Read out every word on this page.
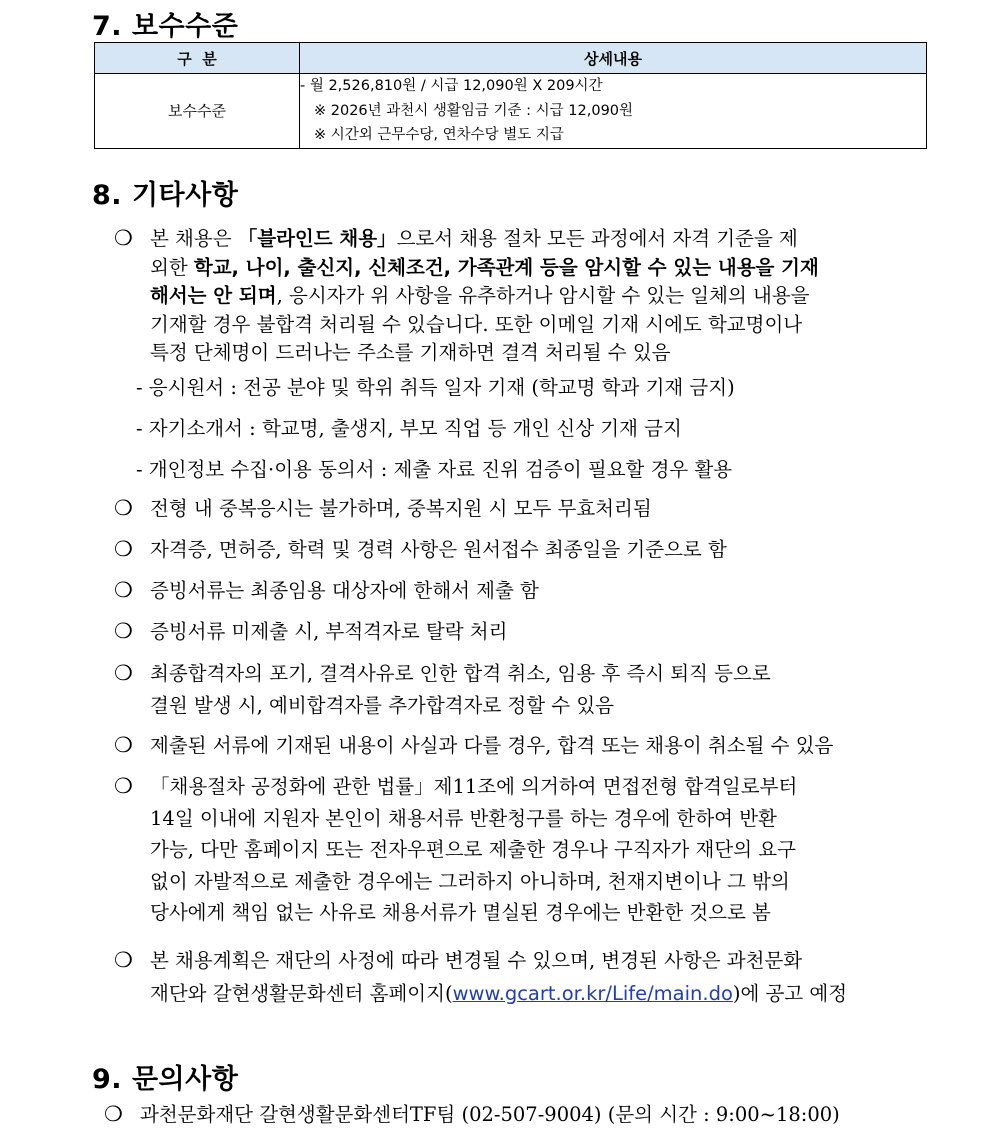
7. 보수수준
구  분	상세내용
보수수준	- 월 2,526,810원 / 시급 12,090원 X 209시간
※ 2026년 과천시 생활임금 기준 : 시급 12,090원
※ 시간외 근무수당, 연차수당 별도 지급
8. 기타사항
❍ 본 채용은 「블라인드 채용」으로서 채용 절차 모든 과정에서 자격 기준을 제
외한 학교, 나이, 출신지, 신체조건, 가족관계 등을 암시할 수 있는 내용을 기재
해서는 안 되며, 응시자가 위 사항을 유추하거나 암시할 수 있는 일체의 내용을
기재할 경우 불합격 처리될 수 있습니다. 또한 이메일 기재 시에도 학교명이나
특정 단체명이 드러나는 주소를 기재하면 결격 처리될 수 있음
- 응시원서 : 전공 분야 및 학위 취득 일자 기재 (학교명 학과 기재 금지)
- 자기소개서 : 학교명, 출생지, 부모 직업 등 개인 신상 기재 금지
- 개인정보 수집·이용 동의서 : 제출 자료 진위 검증이 필요할 경우 활용
❍ 전형 내 중복응시는 불가하며, 중복지원 시 모두 무효처리됨
❍ 자격증, 면허증, 학력 및 경력 사항은 원서접수 최종일을 기준으로 함
❍ 증빙서류는 최종임용 대상자에 한해서 제출 함
❍ 증빙서류 미제출 시, 부적격자로 탈락 처리
❍ 최종합격자의 포기, 결격사유로 인한 합격 취소, 임용 후 즉시 퇴직 등으로
결원 발생 시, 예비합격자를 추가합격자로 정할 수 있음
❍ 제출된 서류에 기재된 내용이 사실과 다를 경우, 합격 또는 채용이 취소될 수 있음
❍ 「채용절차 공정화에 관한 법률」제11조에 의거하여 면접전형 합격일로부터
14일 이내에 지원자 본인이 채용서류 반환청구를 하는 경우에 한하여 반환
가능, 다만 홈페이지 또는 전자우편으로 제출한 경우나 구직자가 재단의 요구
없이 자발적으로 제출한 경우에는 그러하지 아니하며, 천재지변이나 그 밖의
당사에게 책임 없는 사유로 채용서류가 멸실된 경우에는 반환한 것으로 봄
❍ 본 채용계획은 재단의 사정에 따라 변경될 수 있으며, 변경된 사항은 과천문화
재단와 갈현생활문화센터 홈페이지(www.gcart.or.kr/Life/main.do)에 공고 예정
9. 문의사항
❍ 과천문화재단 갈현생활문화센터TF팀 (02-507-9004) (문의 시간 : 9:00~18:00)
